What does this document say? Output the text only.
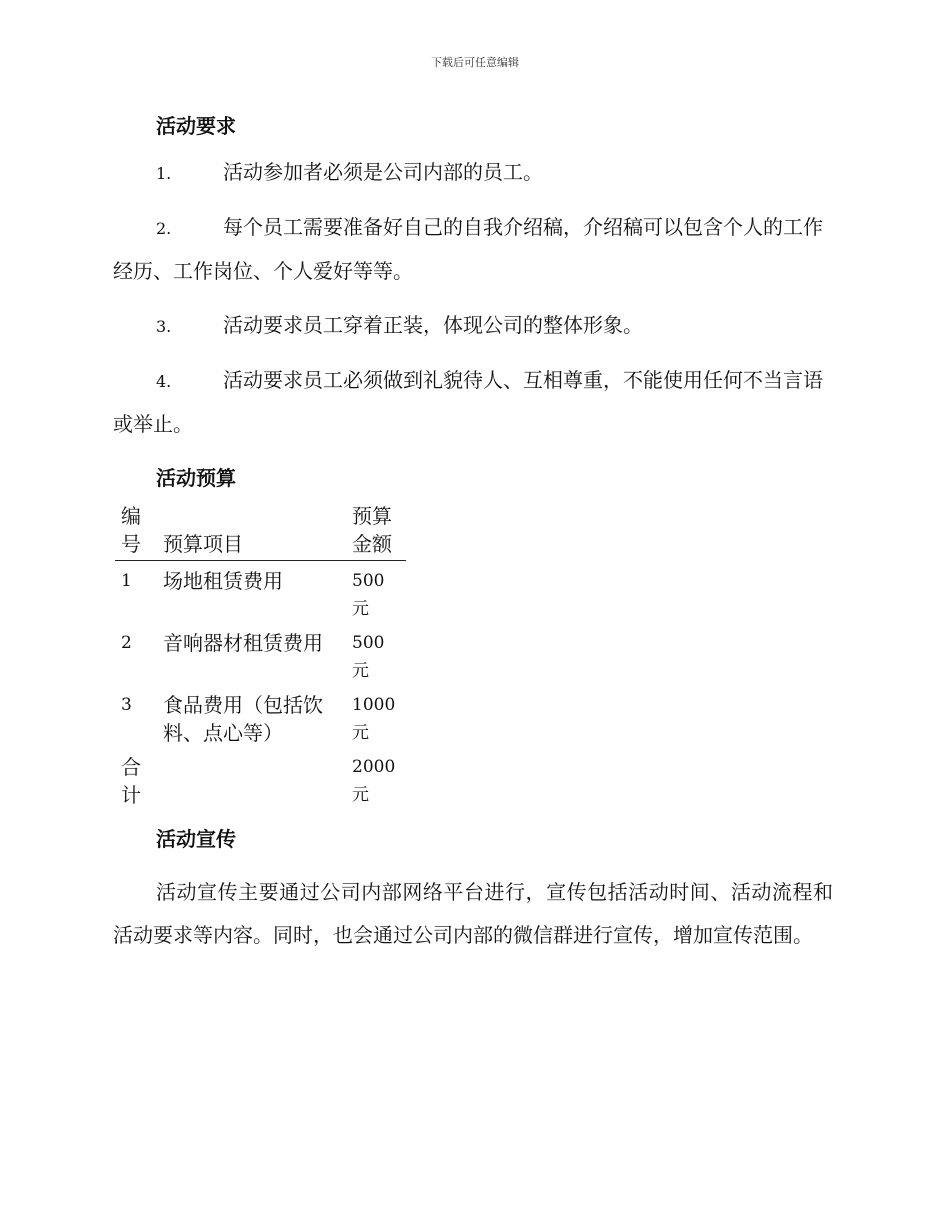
下载后可任意编辑
活动要求

1.	活动参加者必须是公司内部的员工。

2.	每个员工需要准备好自己的自我介绍稿，介绍稿可以包含个人的工作经历、工作岗位、个人爱好等等。

3.	活动要求员工穿着正装，体现公司的整体形象。

4.	活动要求员工必须做到礼貌待人、互相尊重，不能使用任何不当言语或举止。

活动预算
编号	预算项目	预算金额
1	场地租赁费用	500元
2	音响器材租赁费用	500元
3	食品费用（包括饮料、点心等）	1000元
合计		2000元
活动宣传

活动宣传主要通过公司内部网络平台进行，宣传包括活动时间、活动流程和活动要求等内容。同时，也会通过公司内部的微信群进行宣传，增加宣传范围。
